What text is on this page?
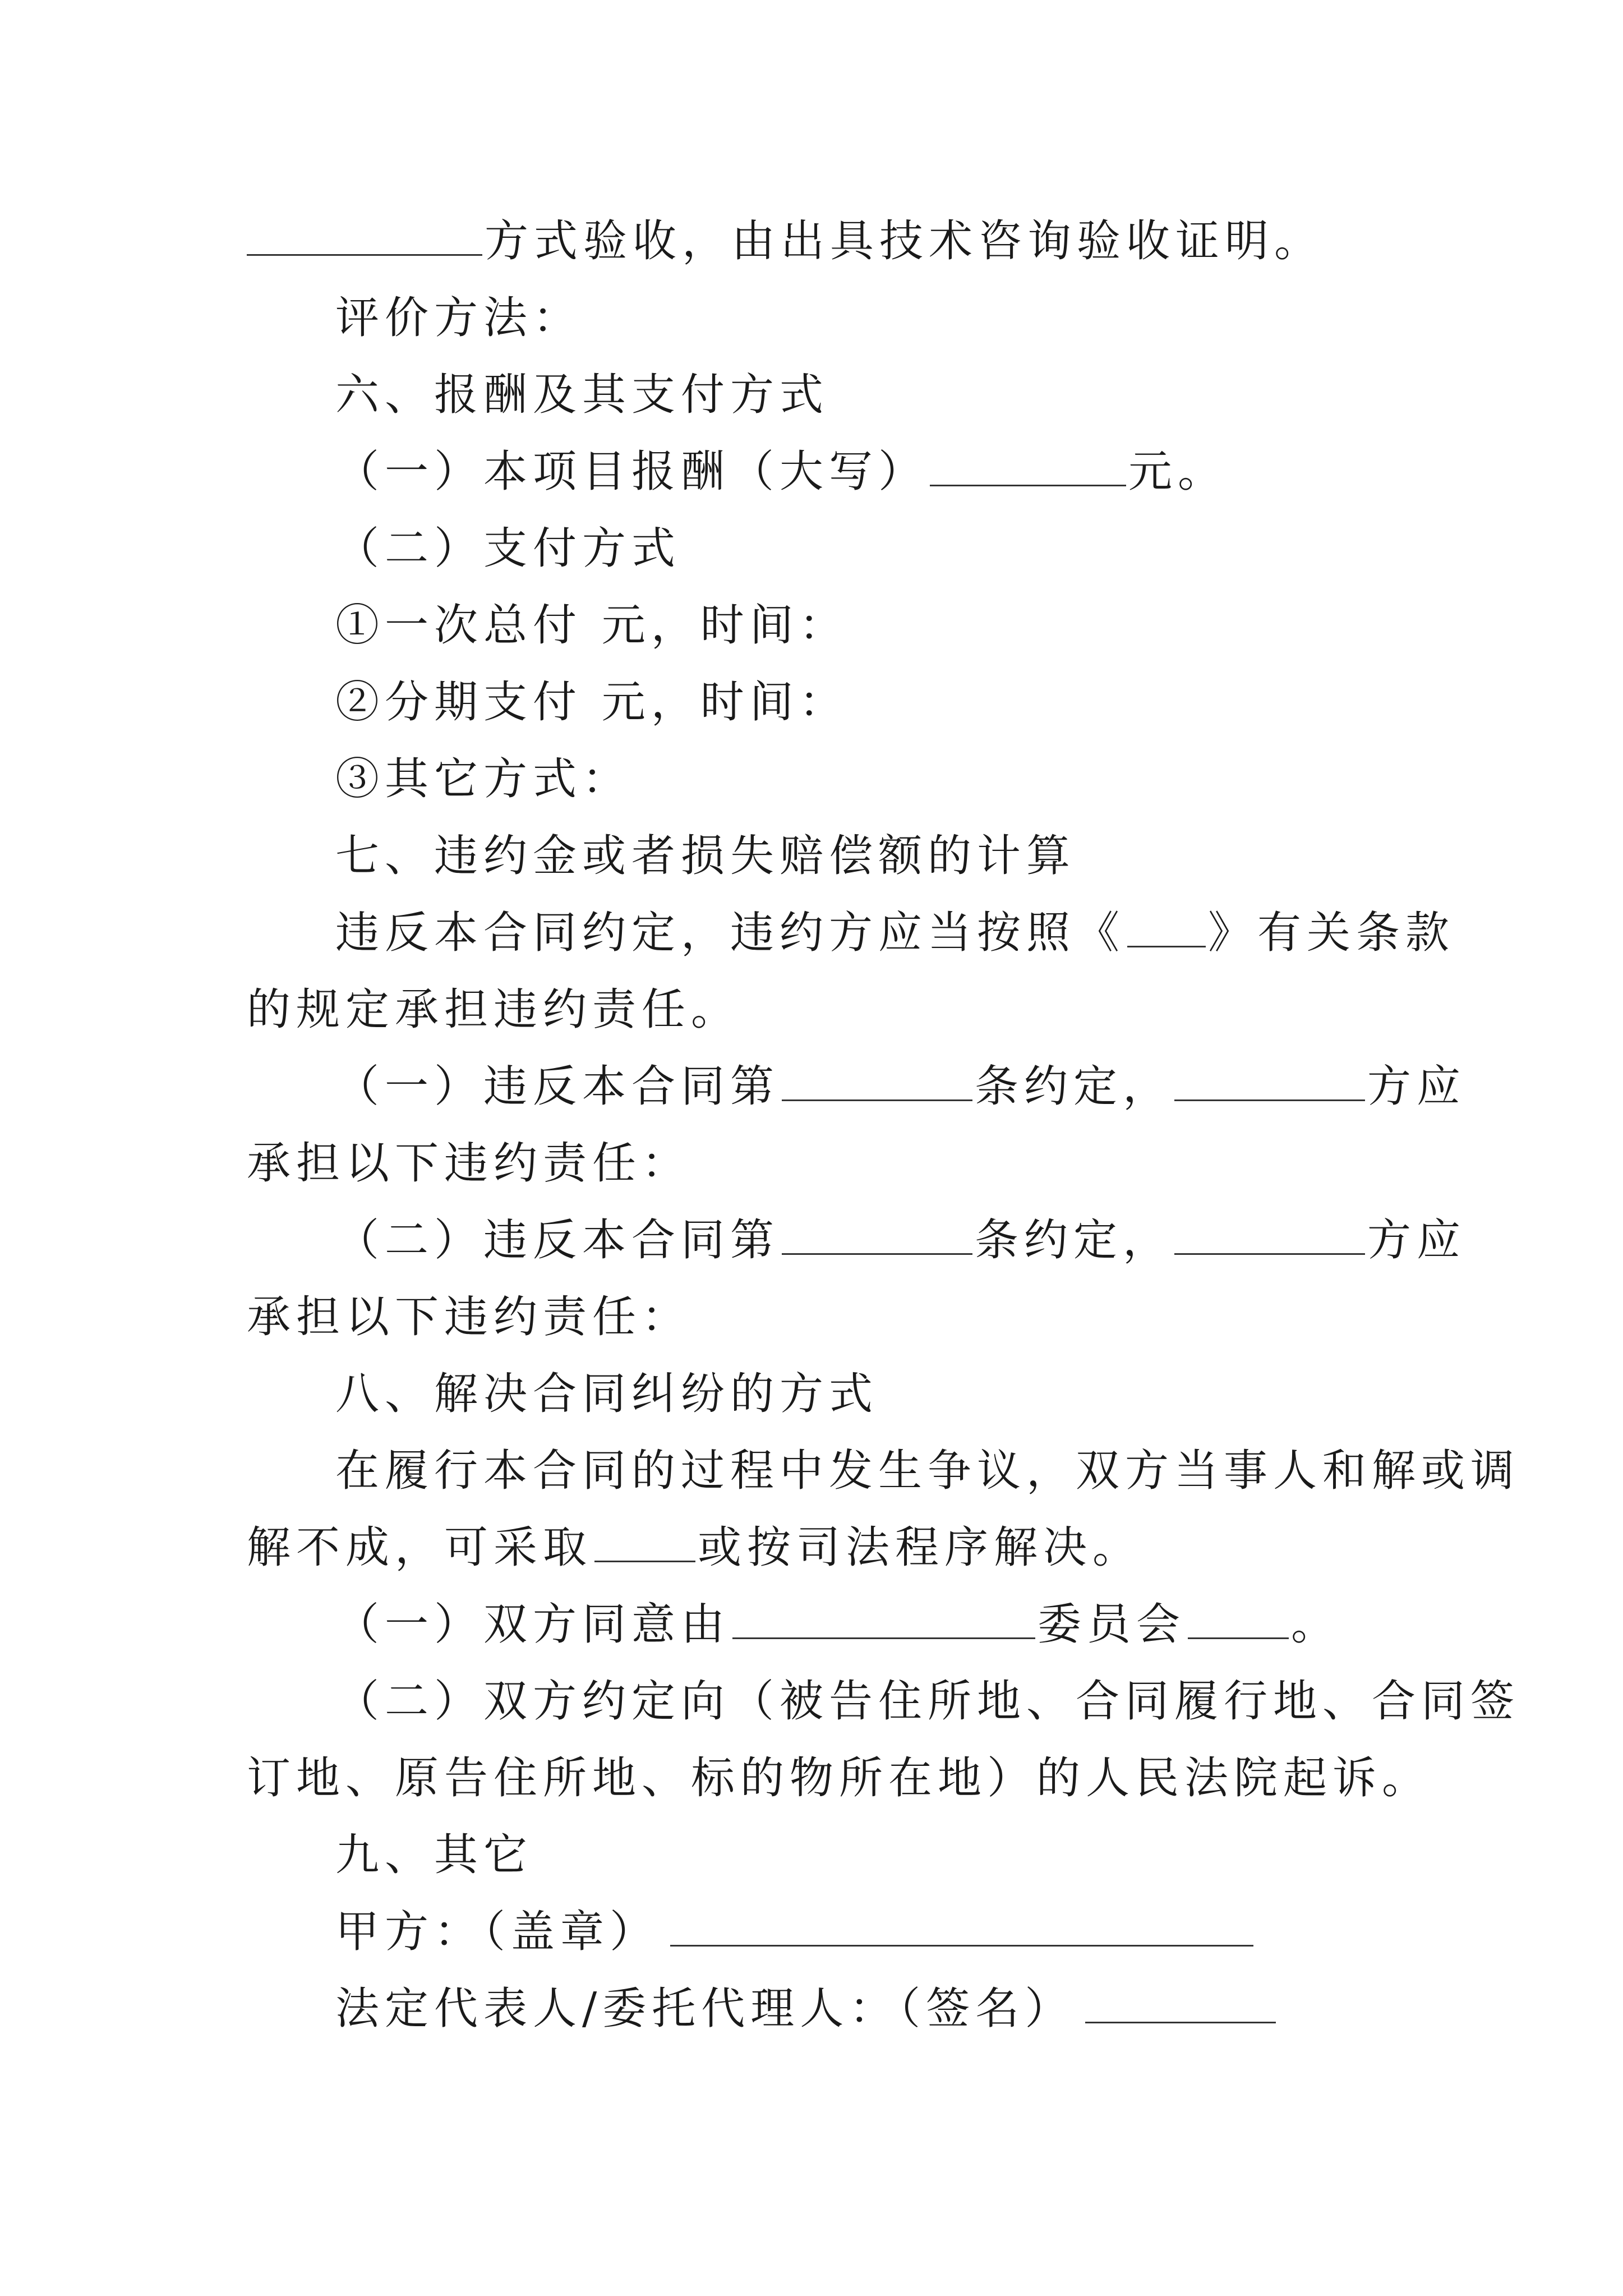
方式验收，由出具技术咨询验收证明。
评价方法：
六、报酬及其支付方式
（一）本项目报酬（大写）	元。
（二）支付方式
①一次总付 元，时间：
②分期支付 元，时间：
③其它方式：
七、违约金或者损失赔偿额的计算
违反本合同约定，违约方应当按照《 》有关条款
的规定承担违约责任。
（一）违反本合同第	条约定，	方应
承担以下违约责任：
（二）违反本合同第	条约定，	方应
承担以下违约责任：
八、解决合同纠纷的方式
在履行本合同的过程中发生争议，双方当事人和解或调
解不成，可采取 或按司法程序解决。
（一）双方同意由	委员会 。
（二）双方约定向（被告住所地、合同履行地、合同签
订地、原告住所地、标的物所在地）的人民法院起诉。
九、其它
甲方：（盖章）
法定代表人/委托代理人：（签名）
